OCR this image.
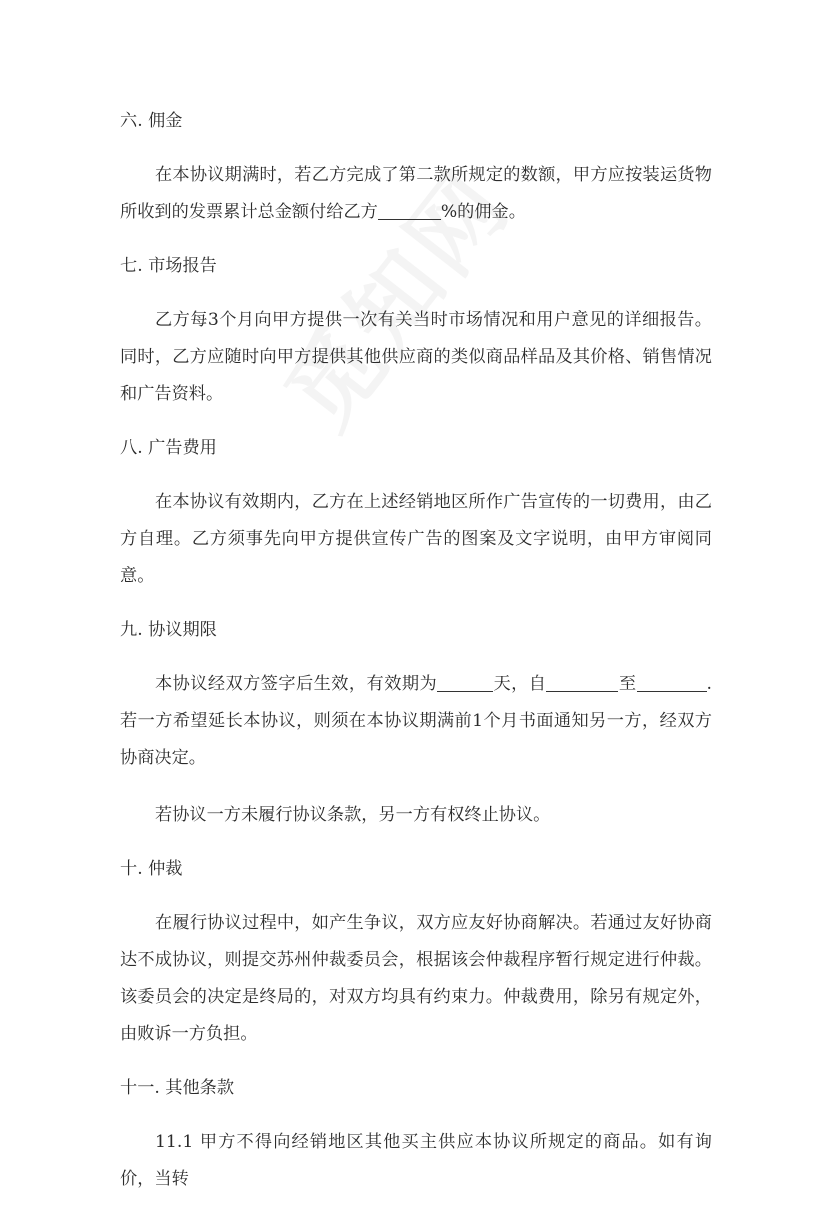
六. 佣金
在本协议期满时，若乙方完成了第二款所规定的数额，甲方应按装运货物所收到的发票累计总金额付给乙方	%的佣金。
七. 市场报告
乙方每3个月向甲方提供一次有关当时市场情况和用户意见的详细报告。同时，乙方应随时向甲方提供其他供应商的类似商品样品及其价格、销售情况和广告资料。
八. 广告费用
在本协议有效期内，乙方在上述经销地区所作广告宣传的一切费用，由乙方自理。乙方须事先向甲方提供宣传广告的图案及文字说明，由甲方审阅同意。
九. 协议期限
本协议经双方签字后生效，有效期为	天，自	至	.若一方希望延长本协议，则须在本协议期满前1个月书面通知另一方，经双方协商决定。
若协议一方未履行协议条款，另一方有权终止协议。
十. 仲裁
在履行协议过程中，如产生争议，双方应友好协商解决。若通过友好协商达不成协议，则提交苏州仲裁委员会，根据该会仲裁程序暂行规定进行仲裁。该委员会的决定是终局的，对双方均具有约束力。仲裁费用，除另有规定外，由败诉一方负担。
十一. 其他条款
11.1 甲方不得向经销地区其他买主供应本协议所规定的商品。如有询价，当转
